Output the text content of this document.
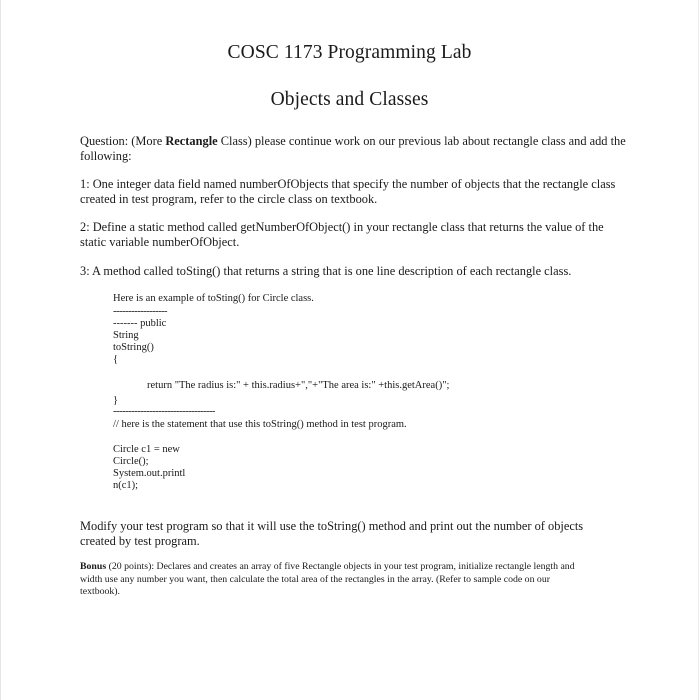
COSC 1173 Programming Lab
Objects and Classes
Question: (More Rectangle Class) please continue work on our previous lab about rectangle class and add the
following:
1: One integer data field named numberOfObjects that specify the number of objects that the rectangle class
created in test program, refer to the circle class on textbook.
2: Define a static method called getNumberOfObject() in your rectangle class that returns the value of the
static variable numberOfObject.
3: A method called toSting() that returns a string that is one line description of each rectangle class.
Here is an example of toSting() for Circle class.
------------------
------- public
String
toString()
{
return "The radius is:" + this.radius+","+"The area is:" +this.getArea()";
}
----------------------------------
// here is the statement that use this toString() method in test program.
Circle c1 = new
Circle();
System.out.printl
n(c1);
Modify your test program so that it will use the toString() method and print out the number of objects
created by test program.
Bonus (20 points): Declares and creates an array of five Rectangle objects in your test program, initialize rectangle length and
width use any number you want, then calculate the total area of the rectangles in the array. (Refer to sample code on our
textbook).
